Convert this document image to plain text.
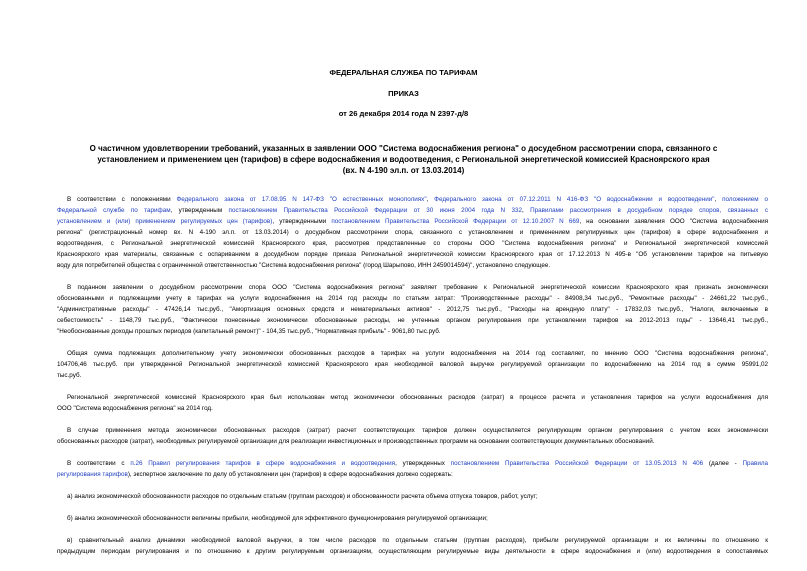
ФЕДЕРАЛЬНАЯ СЛУЖБА ПО ТАРИФАМ
ПРИКАЗ
от 26 декабря 2014 года N 2397-д/8
О частичном удовлетворении требований, указанных в заявлении ООО "Система водоснабжения региона" о досудебном рассмотрении спора, связанного с
установлением и применением цен (тарифов) в сфере водоснабжения и водоотведения, с Региональной энергетической комиссией Красноярского края
(вх. N 4-190 эл.п. от 13.03.2014)
В соответствии с положениями Федерального закона от 17.08.95 N 147-ФЗ "О естественных монополиях", Федерального закона от 07.12.2011 N 416-ФЗ "О водоснабжении и водоотведении", положением о
Федеральной службе по тарифам, утвержденным постановлением Правительства Российской Федерации от 30 июня 2004 года N 332, Правилами рассмотрения в досудебном порядке споров, связанных с
установлением и (или) применением регулируемых цен (тарифов), утвержденными постановлением Правительства Российской Федерации от 12.10.2007 N 669, на основании заявления ООО "Система водоснабжения
региона" (регистрационный номер вх. N 4-190 эл.п. от 13.03.2014) о досудебном рассмотрении спора, связанного с установлением и применением регулируемых цен (тарифов) в сфере водоснабжения и
водоотведения, с Региональной энергетической комиссией Красноярского края, рассмотрев представленные со стороны ООО "Система водоснабжения региона" и Региональной энергетической комиссией
Красноярского края материалы, связанные с оспариванием в досудебном порядке приказа Региональной энергетической комиссии Красноярского края от 17.12.2013 N 495-в "Об установлении тарифов на питьевую
воду для потребителей общества с ограниченной ответственностью "Система водоснабжения региона" (город Шарыпово, ИНН 2459014594)", установлено следующее.
В поданном заявлении о досудебном рассмотрении спора ООО "Система водоснабжения региона" заявляет требование к Региональной энергетической комиссии Красноярского края признать экономически
обоснованными и подлежащими учету в тарифах на услуги водоснабжения на 2014 год расходы по статьям затрат: "Производственные расходы" - 84908,34 тыс.руб., "Ремонтные расходы" - 24661,22 тыс.руб.,
"Административные расходы" - 47426,14 тыс.руб., "Амортизация основных средств и нематериальных активов" - 2012,75 тыс.руб., "Расходы на арендную плату" - 17832,03 тыс.руб., "Налоги, включаемые в
себестоимость" - 1148,79 тыс.руб., "Фактически понесенные экономически обоснованные расходы, не учтенные органом регулирования при установлении тарифов на 2012-2013 годы" - 13646,41 тыс.руб.,
"Необоснованные доходы прошлых периодов (капитальный ремонт)" - 104,35 тыс.руб., "Нормативная прибыль" - 9061,80 тыс.руб.
Общая сумма подлежащих дополнительному учету экономически обоснованных расходов в тарифах на услуги водоснабжения на 2014 год составляет, по мнению ООО "Система водоснабжения региона",
104706,46 тыс.руб. при утвержденной Региональной энергетической комиссией Красноярского края необходимой валовой выручке регулируемой организации по водоснабжению на 2014 год в сумме 95991,02
тыс.руб.
Региональной энергетической комиссией Красноярского края был использован метод экономически обоснованных расходов (затрат) в процессе расчета и установления тарифов на услуги водоснабжения для
ООО "Система водоснабжения региона" на 2014 год.
В случае применения метода экономически обоснованных расходов (затрат) расчет соответствующих тарифов должен осуществляется регулирующим органом регулирования с учетом всех экономически
обоснованных расходов (затрат), необходимых регулируемой организации для реализации инвестиционных и производственных программ на основании соответствующих документальных обоснований.
В соответствии с п.26 Правил регулирования тарифов в сфере водоснабжения и водоотведения, утвержденных постановлением Правительства Российской Федерации от 13.05.2013 N 406 (далее - Правила
регулирования тарифов), экспертное заключение по делу об установлении цен (тарифов) в сфере водоснабжения должно содержать:
а) анализ экономической обоснованности расходов по отдельным статьям (группам расходов) и обоснованности расчета объема отпуска товаров, работ, услуг;
б) анализ экономической обоснованности величины прибыли, необходимой для эффективного функционирования регулируемой организации;
в) сравнительный анализ динамики необходимой валовой выручки, в том числе расходов по отдельным статьям (группам расходов), прибыли регулируемой организации и их величины по отношению к
предыдущим периодам регулирования и по отношению к другим регулируемым организациям, осуществляющим регулируемые виды деятельности в сфере водоснабжения и (или) водоотведения в сопоставимых
